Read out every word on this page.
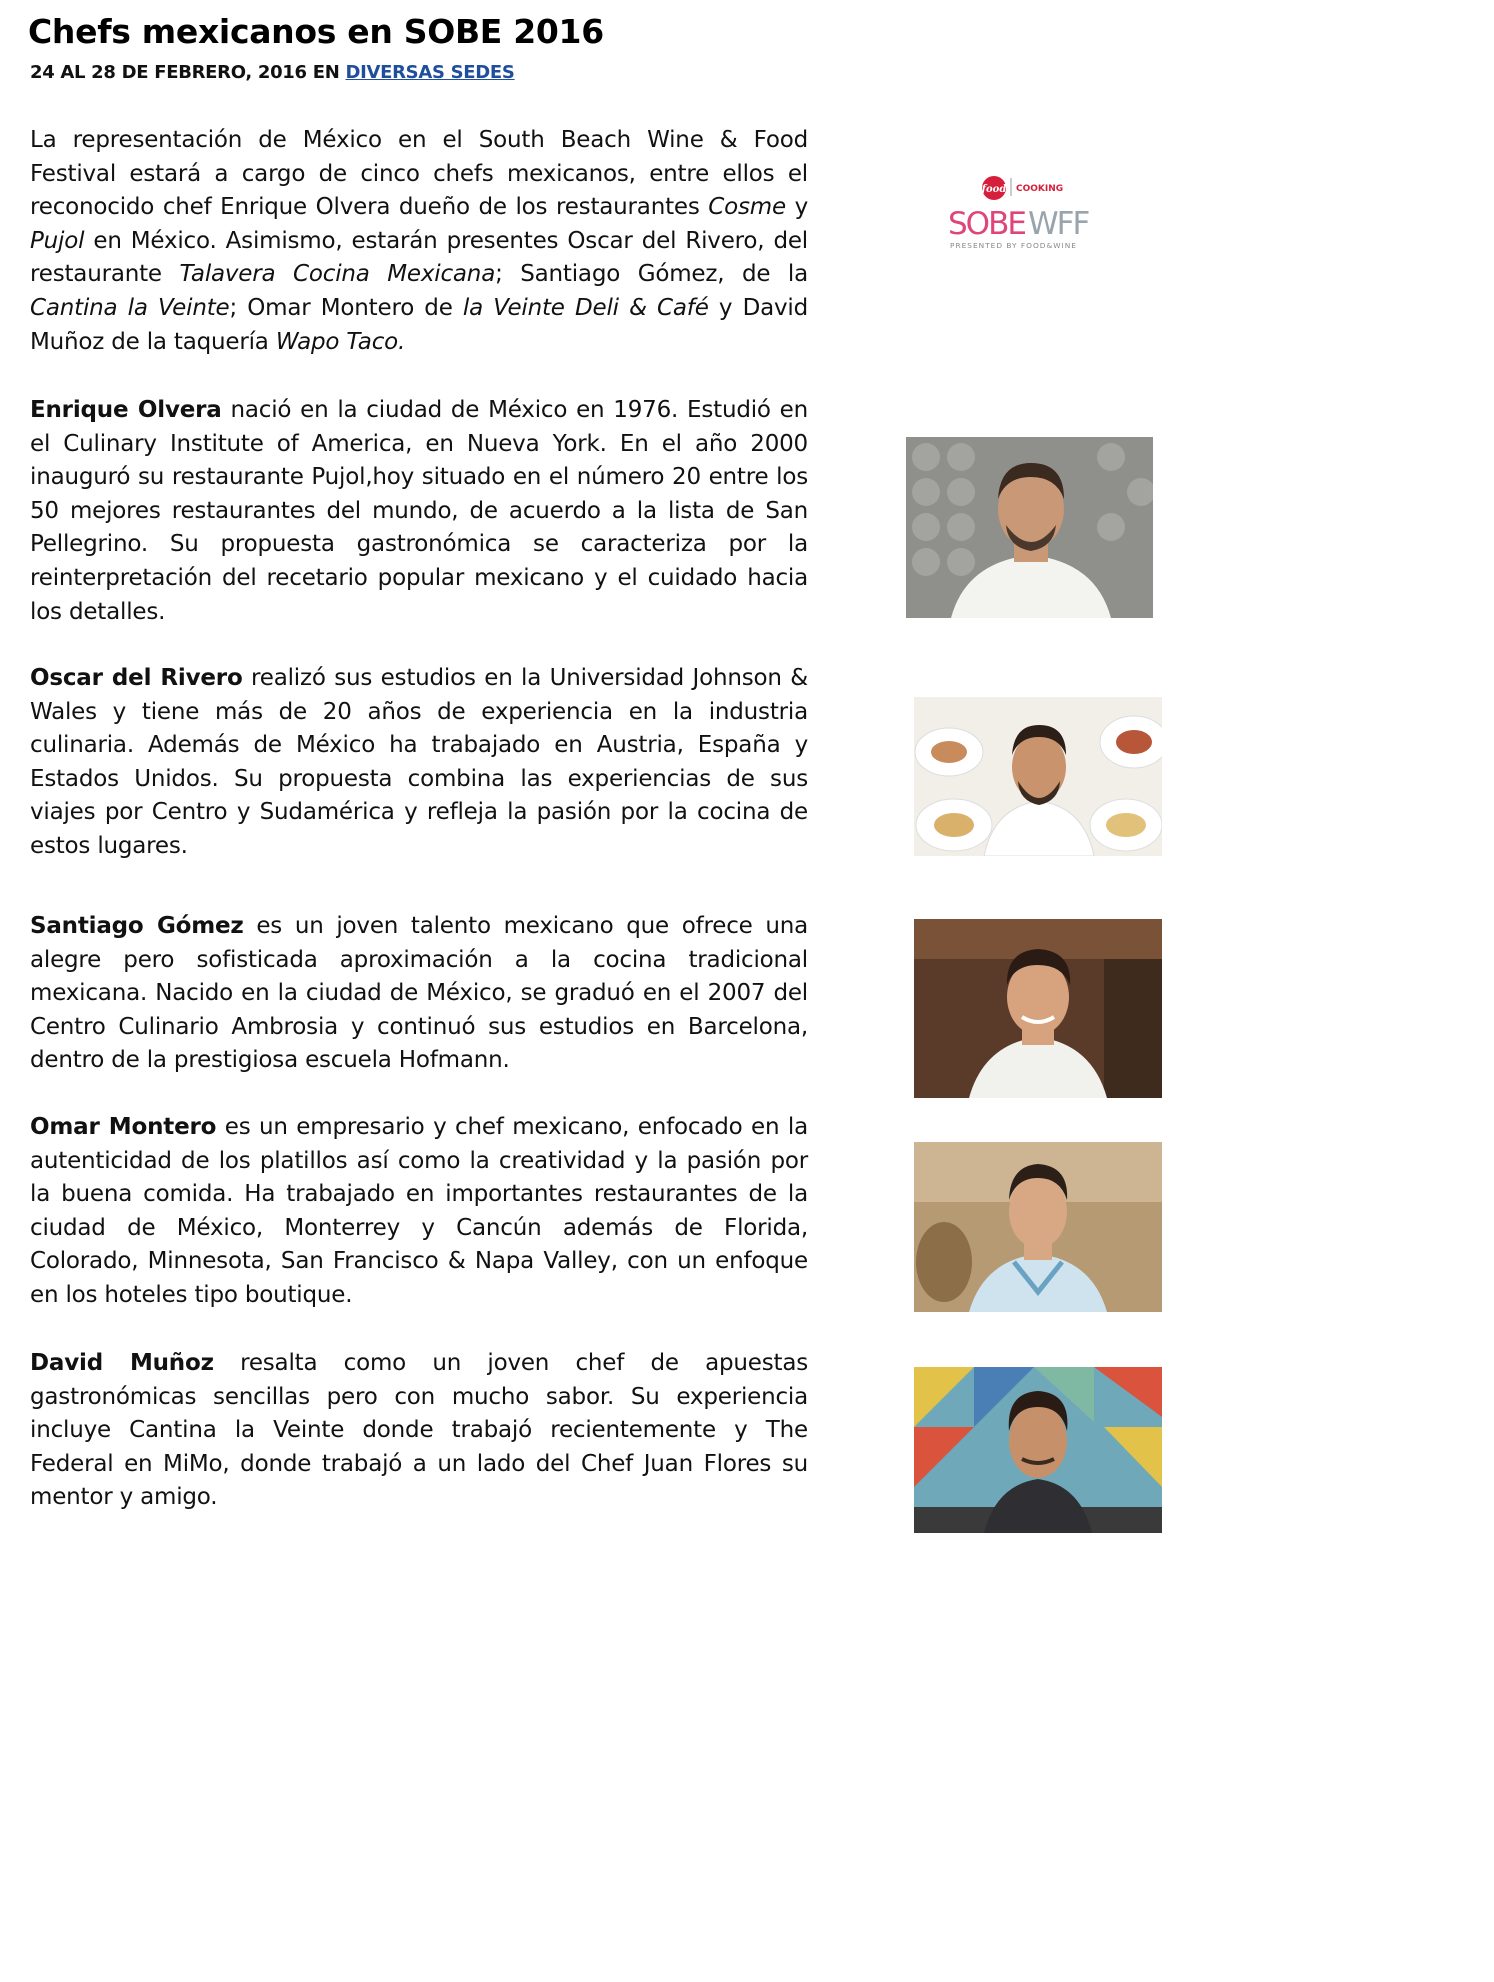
Chefs mexicanos en SOBE 2016
24 AL 28 DE FEBRERO, 2016 EN DIVERSAS SEDES

La representación de México en el South Beach Wine & Food Festival estará a cargo de cinco chefs mexicanos, entre ellos el reconocido chef Enrique Olvera dueño de los restaurantes Cosme y Pujol en México. Asimismo, estarán presentes Oscar del Rivero, del restaurante Talavera Cocina Mexicana; Santiago Gómez, de la Cantina la Veinte; Omar Montero de la Veinte Deli & Café y David Muñoz de la taquería Wapo Taco.

food COOKING
SOBE WFF
PRESENTED BY FOOD&WINE

Enrique Olvera nació en la ciudad de México en 1976. Estudió en el Culinary Institute of America, en Nueva York. En el año 2000 inauguró su restaurante Pujol,hoy situado en el número 20 entre los 50 mejores restaurantes del mundo, de acuerdo a la lista de San Pellegrino. Su propuesta gastronómica se caracteriza por la reinterpretación del recetario popular mexicano y el cuidado hacia los detalles.

Oscar del Rivero realizó sus estudios en la Universidad Johnson & Wales y tiene más de 20 años de experiencia en la industria culinaria. Además de México ha trabajado en Austria, España y Estados Unidos. Su propuesta combina las experiencias de sus viajes por Centro y Sudamérica y refleja la pasión por la cocina de estos lugares.

Santiago Gómez es un joven talento mexicano que ofrece una alegre pero sofisticada aproximación a la cocina tradicional mexicana. Nacido en la ciudad de México, se graduó en el 2007 del Centro Culinario Ambrosia y continuó sus estudios en Barcelona, dentro de la prestigiosa escuela Hofmann.

Omar Montero es un empresario y chef mexicano, enfocado en la autenticidad de los platillos así como la creatividad y la pasión por la buena comida. Ha trabajado en importantes restaurantes de la ciudad de México, Monterrey y Cancún además de Florida, Colorado, Minnesota, San Francisco & Napa Valley, con un enfoque en los hoteles tipo boutique.

David Muñoz resalta como un joven chef de apuestas gastronómicas sencillas pero con mucho sabor. Su experiencia incluye Cantina la Veinte donde trabajó recientemente y The Federal en MiMo, donde trabajó a un lado del Chef Juan Flores su mentor y amigo.
